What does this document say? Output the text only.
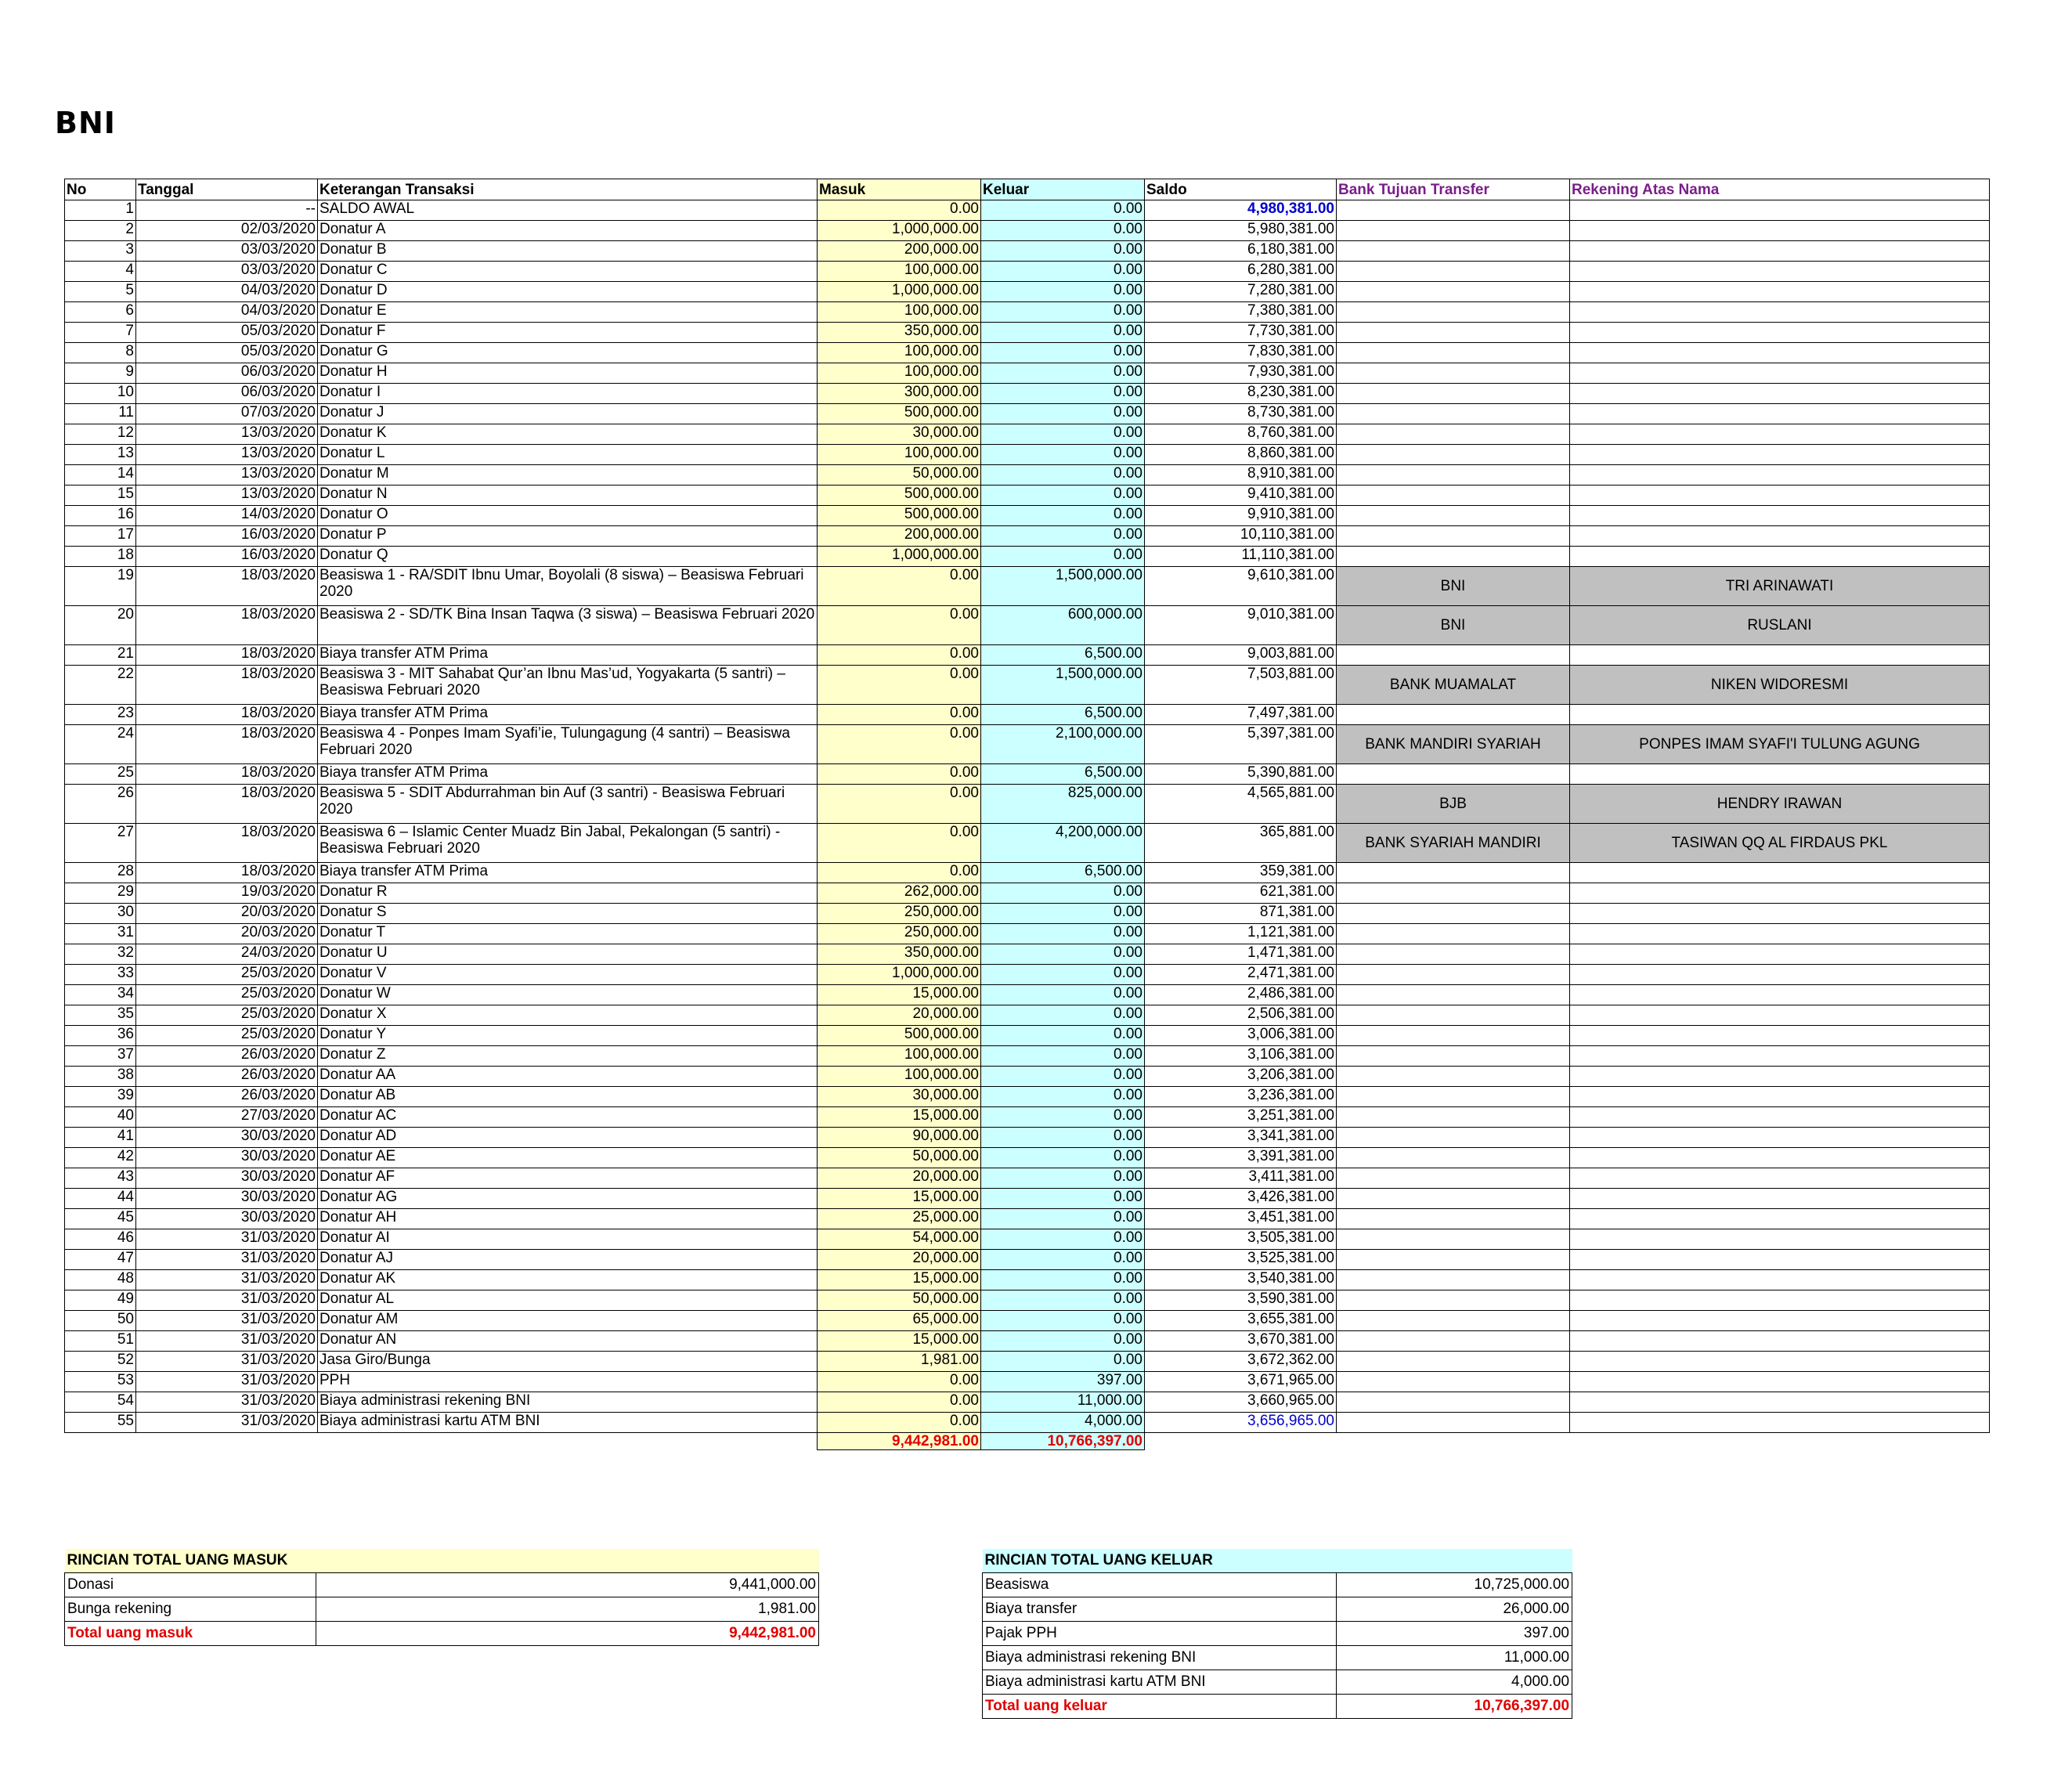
BNI
No	Tanggal	Keterangan Transaksi	Masuk	Keluar	Saldo	Bank Tujuan Transfer	Rekening Atas Nama
1	--	SALDO AWAL	0.00	0.00	4,980,381.00		
2	02/03/2020	Donatur A	1,000,000.00	0.00	5,980,381.00		
3	03/03/2020	Donatur B	200,000.00	0.00	6,180,381.00		
4	03/03/2020	Donatur C	100,000.00	0.00	6,280,381.00		
5	04/03/2020	Donatur D	1,000,000.00	0.00	7,280,381.00		
6	04/03/2020	Donatur E	100,000.00	0.00	7,380,381.00		
7	05/03/2020	Donatur F	350,000.00	0.00	7,730,381.00		
8	05/03/2020	Donatur G	100,000.00	0.00	7,830,381.00		
9	06/03/2020	Donatur H	100,000.00	0.00	7,930,381.00		
10	06/03/2020	Donatur I	300,000.00	0.00	8,230,381.00		
11	07/03/2020	Donatur J	500,000.00	0.00	8,730,381.00		
12	13/03/2020	Donatur K	30,000.00	0.00	8,760,381.00		
13	13/03/2020	Donatur L	100,000.00	0.00	8,860,381.00		
14	13/03/2020	Donatur M	50,000.00	0.00	8,910,381.00		
15	13/03/2020	Donatur N	500,000.00	0.00	9,410,381.00		
16	14/03/2020	Donatur O	500,000.00	0.00	9,910,381.00		
17	16/03/2020	Donatur P	200,000.00	0.00	10,110,381.00		
18	16/03/2020	Donatur Q	1,000,000.00	0.00	11,110,381.00		
19	18/03/2020	Beasiswa 1 - RA/SDIT Ibnu Umar, Boyolali (8 siswa) – Beasiswa Februari 2020	0.00	1,500,000.00	9,610,381.00	BNI	TRI ARINAWATI
20	18/03/2020	Beasiswa 2 - SD/TK Bina Insan Taqwa (3 siswa) – Beasiswa Februari 2020	0.00	600,000.00	9,010,381.00	BNI	RUSLANI
21	18/03/2020	Biaya transfer ATM Prima	0.00	6,500.00	9,003,881.00		
22	18/03/2020	Beasiswa 3 - MIT Sahabat Qur’an Ibnu Mas’ud, Yogyakarta (5 santri) – Beasiswa Februari 2020	0.00	1,500,000.00	7,503,881.00	BANK MUAMALAT	NIKEN WIDORESMI
23	18/03/2020	Biaya transfer ATM Prima	0.00	6,500.00	7,497,381.00		
24	18/03/2020	Beasiswa 4 - Ponpes Imam Syafi’ie, Tulungagung (4 santri) – Beasiswa Februari 2020	0.00	2,100,000.00	5,397,381.00	BANK MANDIRI SYARIAH	PONPES IMAM SYAFI'I TULUNG AGUNG
25	18/03/2020	Biaya transfer ATM Prima	0.00	6,500.00	5,390,881.00		
26	18/03/2020	Beasiswa 5 - SDIT Abdurrahman bin Auf (3 santri) - Beasiswa Februari 2020	0.00	825,000.00	4,565,881.00	BJB	HENDRY IRAWAN
27	18/03/2020	Beasiswa 6 – Islamic Center Muadz Bin Jabal, Pekalongan (5 santri) - Beasiswa Februari 2020	0.00	4,200,000.00	365,881.00	BANK SYARIAH MANDIRI	TASIWAN QQ AL FIRDAUS PKL
28	18/03/2020	Biaya transfer ATM Prima	0.00	6,500.00	359,381.00		
29	19/03/2020	Donatur R	262,000.00	0.00	621,381.00		
30	20/03/2020	Donatur S	250,000.00	0.00	871,381.00		
31	20/03/2020	Donatur T	250,000.00	0.00	1,121,381.00		
32	24/03/2020	Donatur U	350,000.00	0.00	1,471,381.00		
33	25/03/2020	Donatur V	1,000,000.00	0.00	2,471,381.00		
34	25/03/2020	Donatur W	15,000.00	0.00	2,486,381.00		
35	25/03/2020	Donatur X	20,000.00	0.00	2,506,381.00		
36	25/03/2020	Donatur Y	500,000.00	0.00	3,006,381.00		
37	26/03/2020	Donatur Z	100,000.00	0.00	3,106,381.00		
38	26/03/2020	Donatur AA	100,000.00	0.00	3,206,381.00		
39	26/03/2020	Donatur AB	30,000.00	0.00	3,236,381.00		
40	27/03/2020	Donatur AC	15,000.00	0.00	3,251,381.00		
41	30/03/2020	Donatur AD	90,000.00	0.00	3,341,381.00		
42	30/03/2020	Donatur AE	50,000.00	0.00	3,391,381.00		
43	30/03/2020	Donatur AF	20,000.00	0.00	3,411,381.00		
44	30/03/2020	Donatur AG	15,000.00	0.00	3,426,381.00		
45	30/03/2020	Donatur AH	25,000.00	0.00	3,451,381.00		
46	31/03/2020	Donatur AI	54,000.00	0.00	3,505,381.00		
47	31/03/2020	Donatur AJ	20,000.00	0.00	3,525,381.00		
48	31/03/2020	Donatur AK	15,000.00	0.00	3,540,381.00		
49	31/03/2020	Donatur AL	50,000.00	0.00	3,590,381.00		
50	31/03/2020	Donatur AM	65,000.00	0.00	3,655,381.00		
51	31/03/2020	Donatur AN	15,000.00	0.00	3,670,381.00		
52	31/03/2020	Jasa Giro/Bunga	1,981.00	0.00	3,672,362.00		
53	31/03/2020	PPH	0.00	397.00	3,671,965.00		
54	31/03/2020	Biaya administrasi rekening BNI	0.00	11,000.00	3,660,965.00		
55	31/03/2020	Biaya administrasi kartu ATM BNI	0.00	4,000.00	3,656,965.00		
			9,442,981.00	10,766,397.00			
RINCIAN TOTAL UANG MASUK	
Donasi	9,441,000.00
Bunga rekening	1,981.00
Total uang masuk	9,442,981.00
RINCIAN TOTAL UANG KELUAR	
Beasiswa	10,725,000.00
Biaya transfer	26,000.00
Pajak PPH	397.00
Biaya administrasi rekening BNI	11,000.00
Biaya administrasi kartu ATM BNI	4,000.00
Total uang keluar	10,766,397.00
